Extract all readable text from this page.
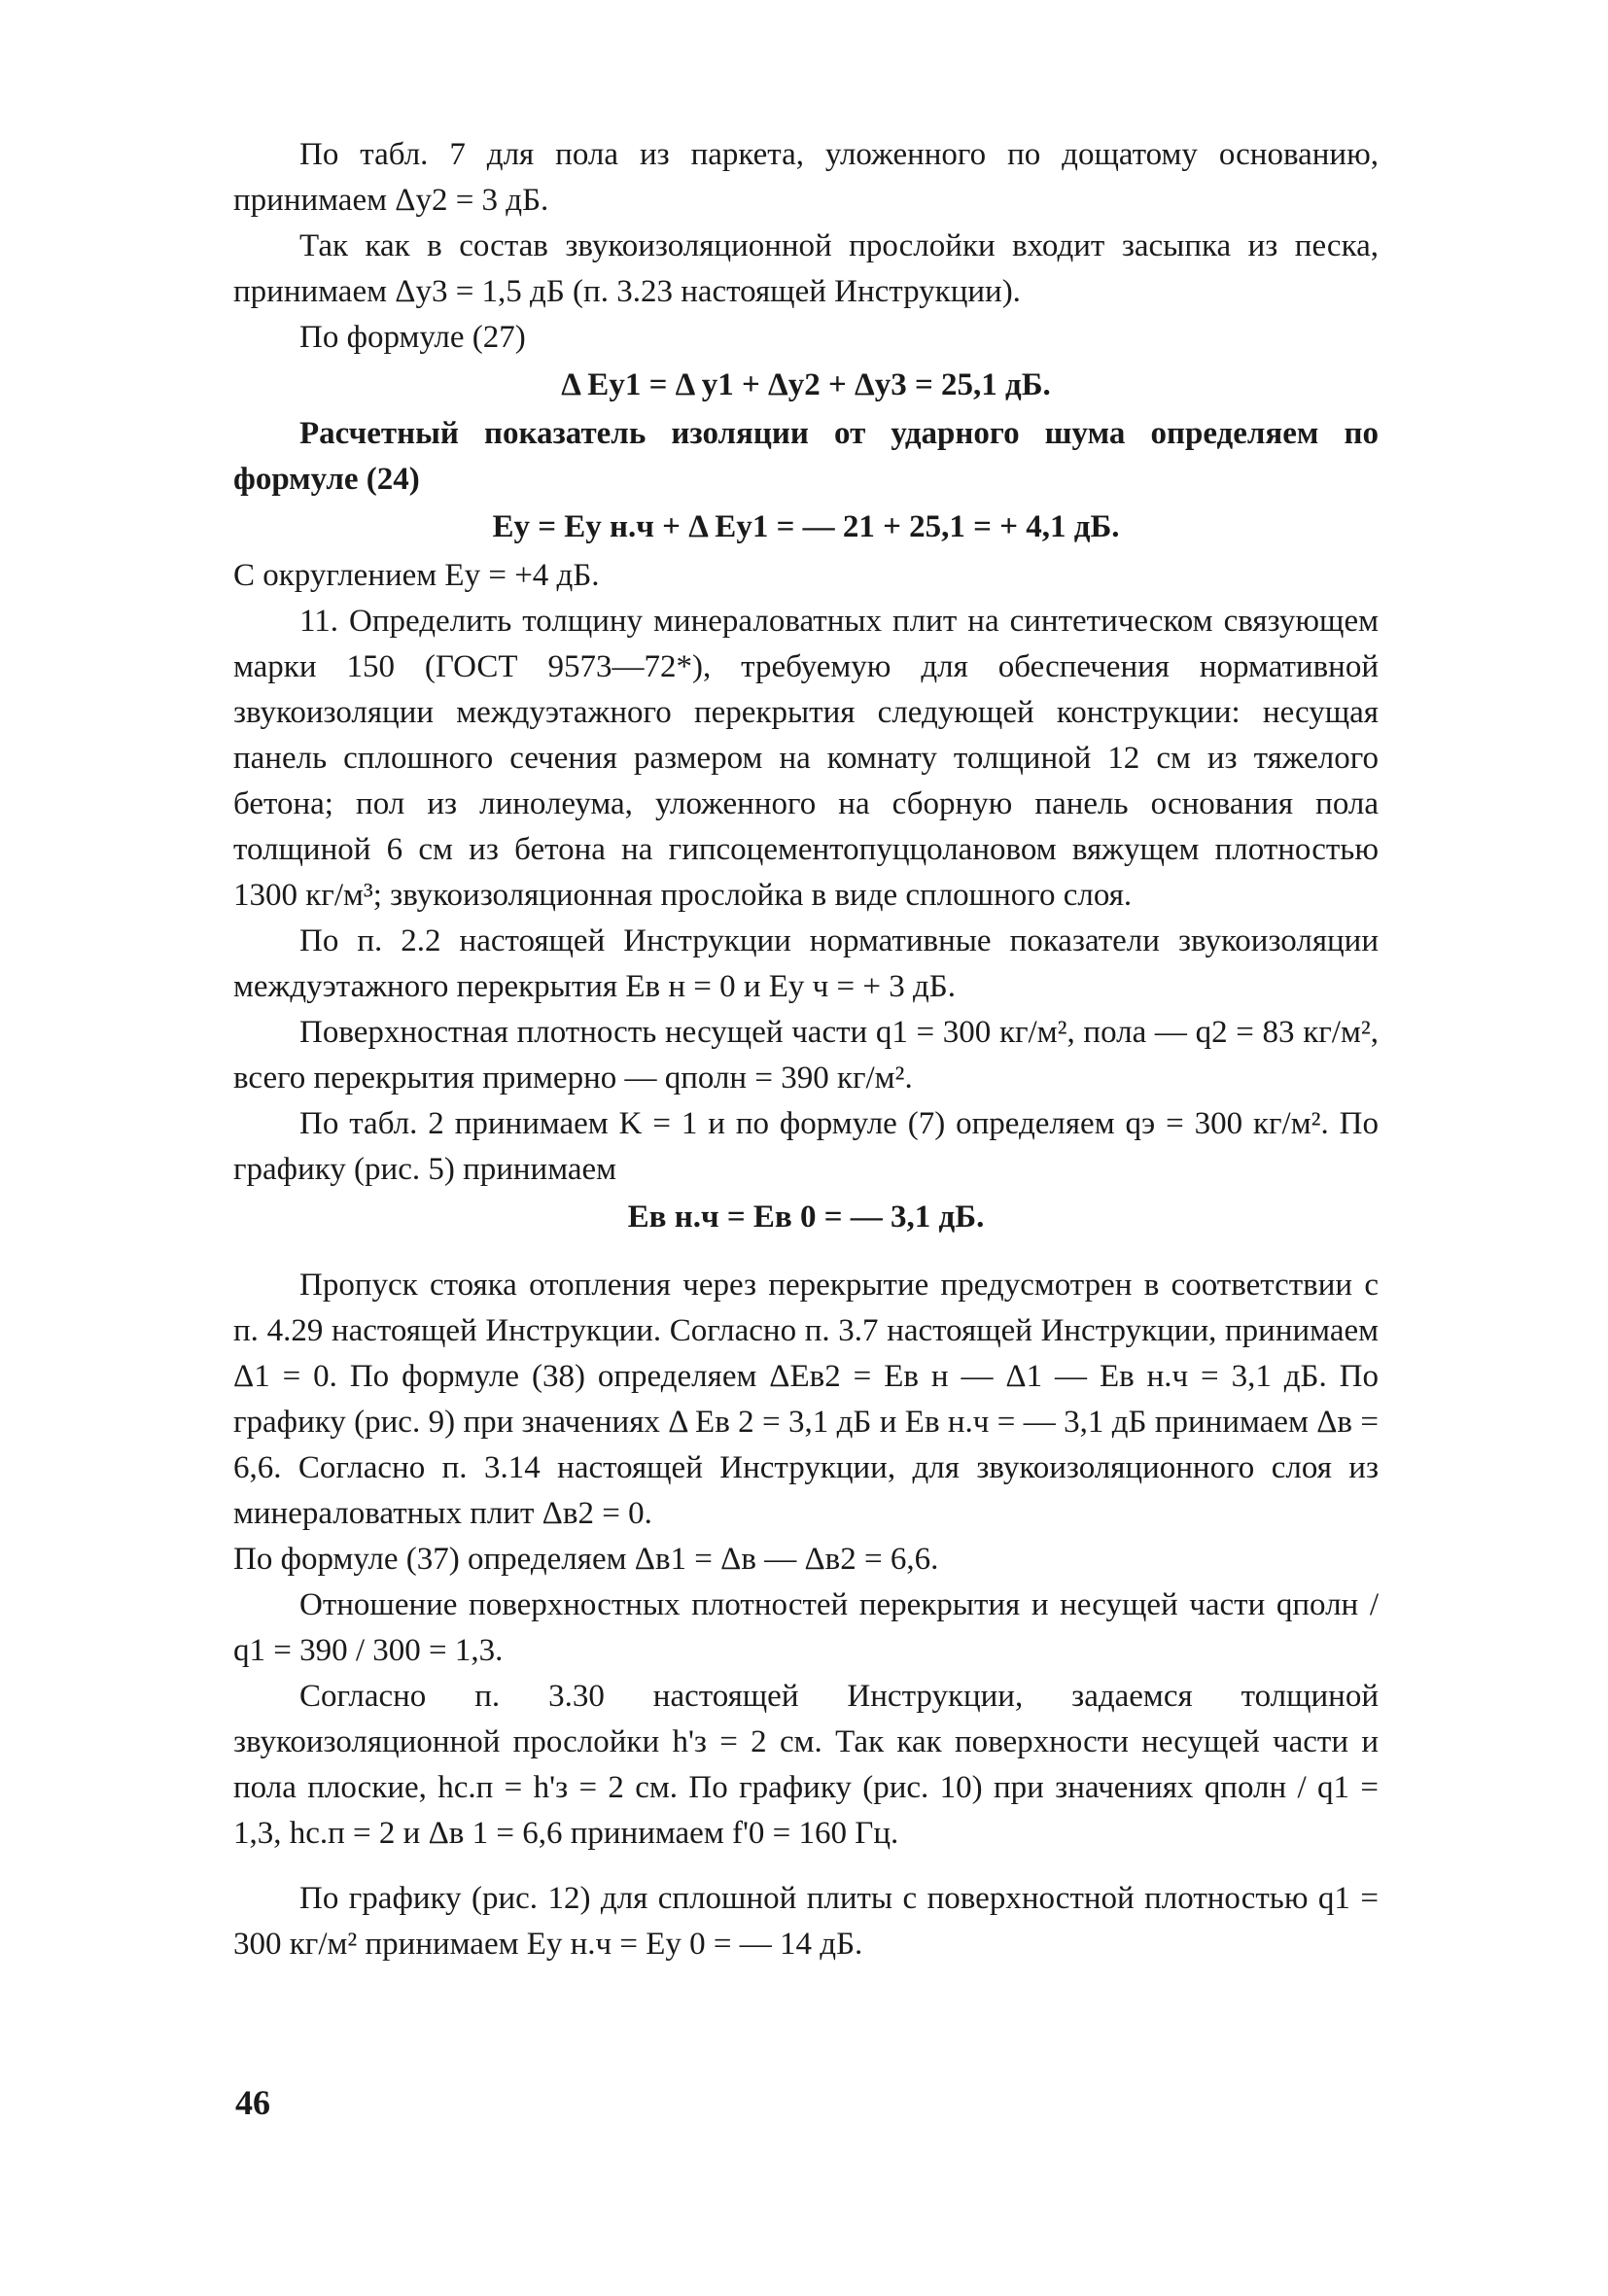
По табл. 7 для пола из паркета, уложенного по дощатому основанию, принимаем Δу2 = 3 дБ.

Так как в состав звукоизоляционной прослойки входит засыпка из песка, принимаем Δу3 = 1,5 дБ (п. 3.23 настоящей Инструкции).

По формуле (27)

Δ Еу1 = Δ у1 + Δу2 + Δу3 = 25,1 дБ.

Расчетный показатель изоляции от ударного шума определяем по формуле (24)

Еу = Еу н.ч + Δ Еу1 = — 21 + 25,1 = + 4,1 дБ.

С округлением Еу = +4 дБ.

11. Определить толщину минераловатных плит на синтетическом связующем марки 150 (ГОСТ 9573—72*), требуемую для обеспечения нормативной звукоизоляции междуэтажного перекрытия следующей конструкции: несущая панель сплошного сечения размером на комнату толщиной 12 см из тяжелого бетона; пол из линолеума, уложенного на сборную панель основания пола толщиной 6 см из бетона на гипсоцементопуццолановом вяжущем плотностью 1300 кг/м³; звукоизоляционная прослойка в виде сплошного слоя.

По п. 2.2 настоящей Инструкции нормативные показатели звукоизоляции междуэтажного перекрытия Ев н = 0 и Еу ч = + 3 дБ.

Поверхностная плотность несущей части q1 = 300 кг/м², пола — q2 = 83 кг/м², всего перекрытия примерно — qполн = 390 кг/м².

По табл. 2 принимаем K = 1 и по формуле (7) определяем qэ = 300 кг/м². По графику (рис. 5) принимаем

Ев н.ч = Ев 0 = — 3,1 дБ.

Пропуск стояка отопления через перекрытие предусмотрен в соответствии с п. 4.29 настоящей Инструкции. Согласно п. 3.7 настоящей Инструкции, принимаем Δ1 = 0. По формуле (38) определяем ΔЕв2 = Ев н — Δ1 — Ев н.ч = 3,1 дБ. По графику (рис. 9) при значениях Δ Ев 2 = 3,1 дБ и Ев н.ч = — 3,1 дБ принимаем Δв = 6,6. Согласно п. 3.14 настоящей Инструкции, для звукоизоляционного слоя из минераловатных плит Δв2 = 0.

По формуле (37) определяем Δв1 = Δв — Δв2 = 6,6.

Отношение поверхностных плотностей перекрытия и несущей части qполн / q1 = 390 / 300 = 1,3.

Согласно п. 3.30 настоящей Инструкции, задаемся толщиной звукоизоляционной прослойки h'з = 2 см. Так как поверхности несущей части и пола плоские, hс.п = h'з = 2 см. По графику (рис. 10) при значениях qполн / q1 = 1,3, hс.п = 2 и Δв 1 = 6,6 принимаем f'0 = 160 Гц.

По графику (рис. 12) для сплошной плиты с поверхностной плотностью q1 = 300 кг/м² принимаем Еу н.ч = Еу 0 = — 14 дБ.

46
